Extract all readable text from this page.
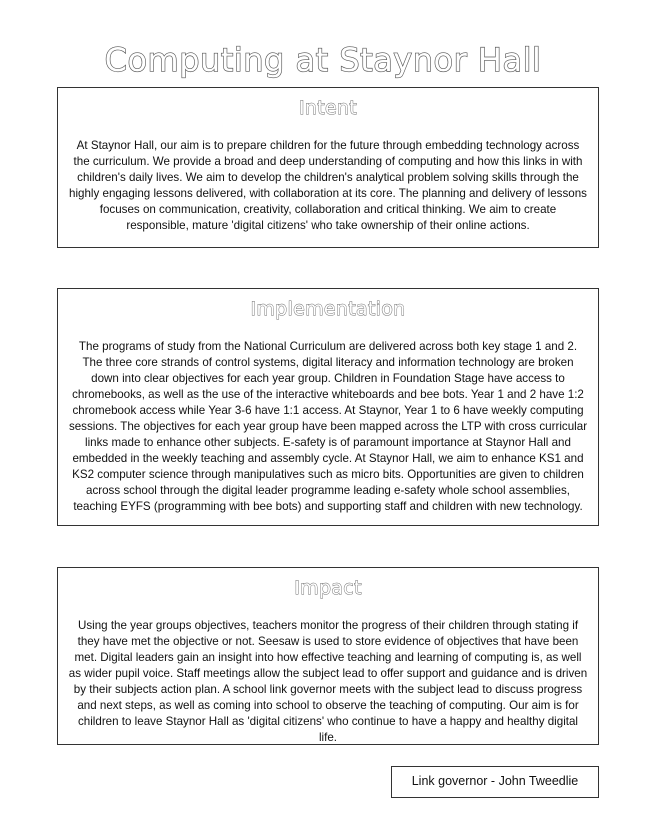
Computing at Staynor Hall
Intent

At Staynor Hall, our aim is to prepare children for the future through embedding technology across the curriculum. We provide a broad and deep understanding of computing and how this links in with children's daily lives. We aim to develop the children's analytical problem solving skills through the highly engaging lessons delivered, with collaboration at its core. The planning and delivery of lessons focuses on communication, creativity, collaboration and critical thinking. We aim to create responsible, mature 'digital citizens' who take ownership of their online actions.

Implementation

The programs of study from the National Curriculum are delivered across both key stage 1 and 2. The three core strands of control systems, digital literacy and information technology are broken down into clear objectives for each year group. Children in Foundation Stage have access to chromebooks, as well as the use of the interactive whiteboards and bee bots. Year 1 and 2 have 1:2 chromebook access while Year 3-6 have 1:1 access. At Staynor, Year 1 to 6 have weekly computing sessions. The objectives for each year group have been mapped across the LTP with cross curricular links made to enhance other subjects. E-safety is of paramount importance at Staynor Hall and embedded in the weekly teaching and assembly cycle. At Staynor Hall, we aim to enhance KS1 and KS2 computer science through manipulatives such as micro bits. Opportunities are given to children across school through the digital leader programme leading e-safety whole school assemblies, teaching EYFS (programming with bee bots) and supporting staff and children with new technology.

Impact

Using the year groups objectives, teachers monitor the progress of their children through stating if they have met the objective or not. Seesaw is used to store evidence of objectives that have been met. Digital leaders gain an insight into how effective teaching and learning of computing is, as well as wider pupil voice. Staff meetings allow the subject lead to offer support and guidance and is driven by their subjects action plan. A school link governor meets with the subject lead to discuss progress and next steps, as well as coming into school to observe the teaching of computing. Our aim is for children to leave Staynor Hall as 'digital citizens' who continue to have a happy and healthy digital life.

Link governor - John Tweedlie
